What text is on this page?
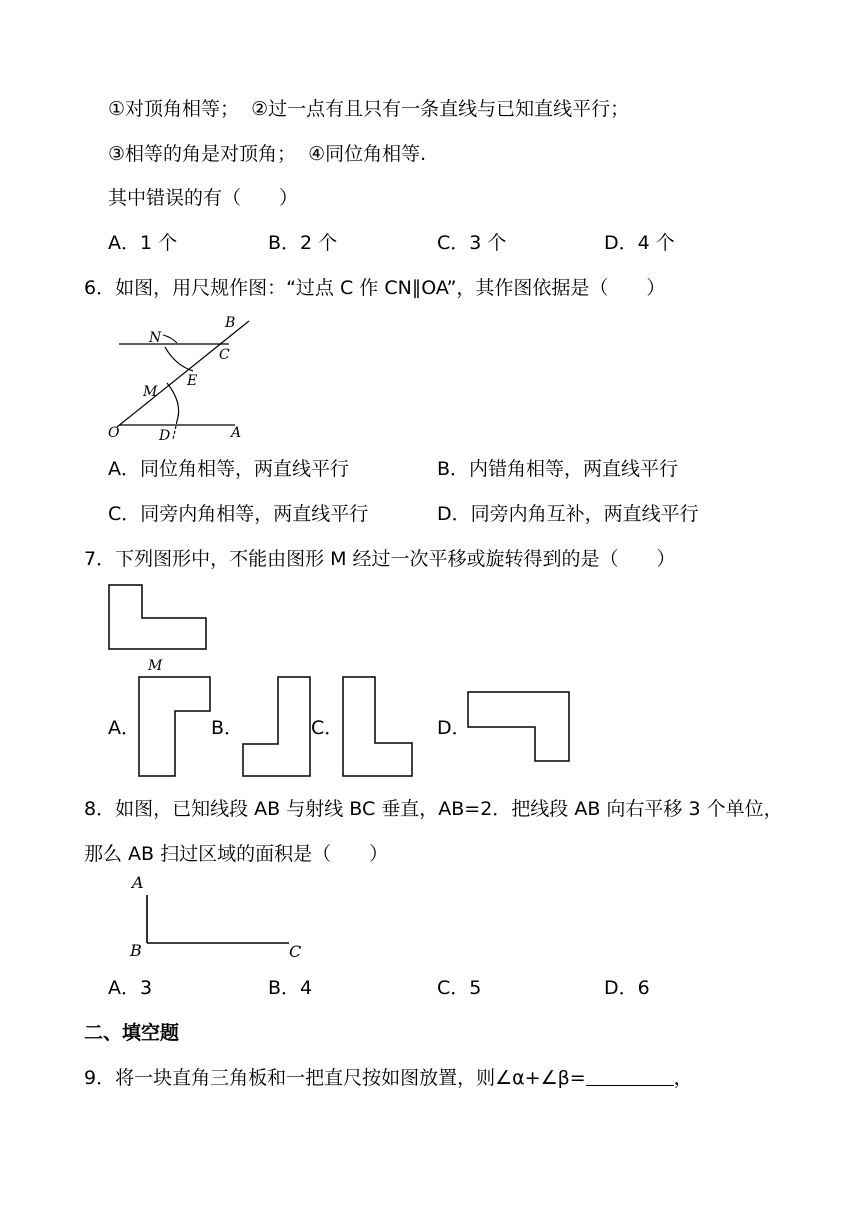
①对顶角相等；  ②过一点有且只有一条直线与已知直线平行；
③相等的角是对顶角；  ④同位角相等.
其中错误的有（　　）
A．1 个	B．2 个	C．3 个	D．4 个
6．如图，用尺规作图：“过点 C 作 CN∥OA”，其作图依据是（　　）
B
N
C
E
M
O	D	A
A．同位角相等，两直线平行	B．内错角相等，两直线平行
C．同旁内角相等，两直线平行	D．同旁内角互补，两直线平行
7．下列图形中，不能由图形 M 经过一次平移或旋转得到的是（　　）
M
A．	B．	C．	D．
8．如图，已知线段 AB 与射线 BC 垂直，AB=2．把线段 AB 向右平移 3 个单位，
那么 AB 扫过区域的面积是（　　）
A
B	C
A．3	B．4	C．5	D．6
二、填空题
9．将一块直角三角板和一把直尺按如图放置，则∠α+∠β=	，
